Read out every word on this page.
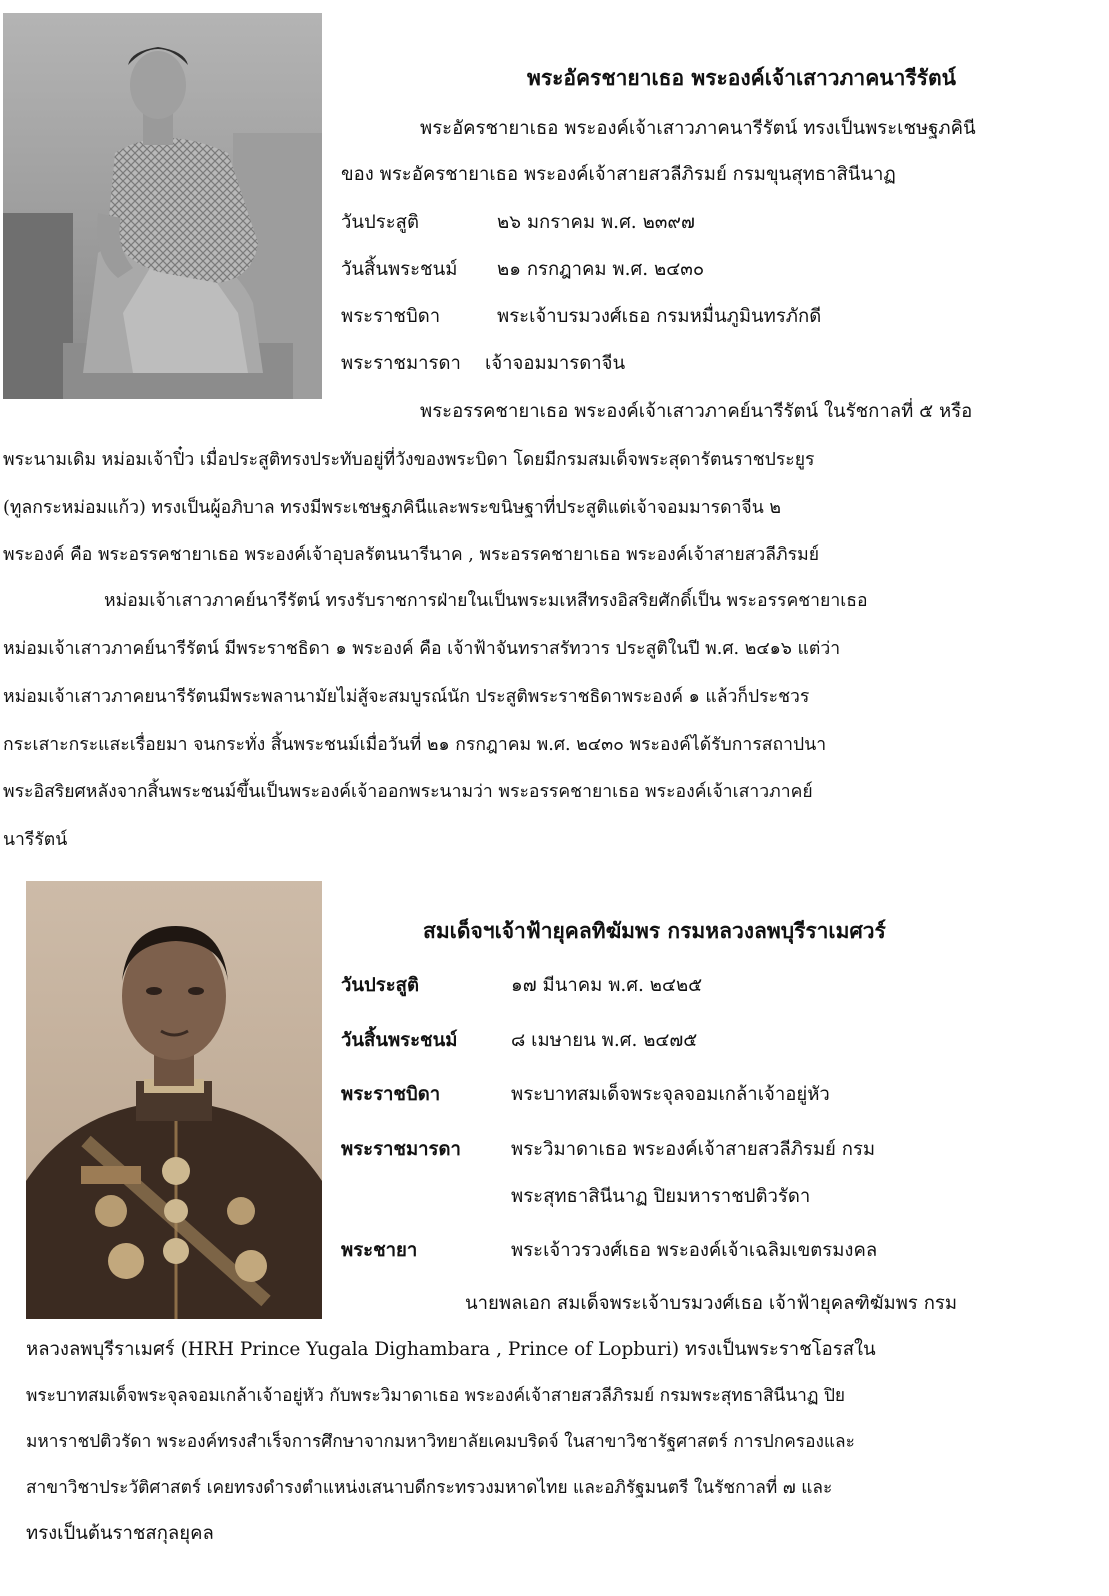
พระอัครชายาเธอ พระองค์เจ้าเสาวภาคนารีรัตน์
พระอัครชายาเธอ พระองค์เจ้าเสาวภาคนารีรัตน์ ทรงเป็นพระเชษฐภคินี
ของ พระอัครชายาเธอ พระองค์เจ้าสายสวลีภิรมย์ กรมขุนสุทธาสินีนาฏ
วันประสูติ	๒๖ มกราคม พ.ศ. ๒๓๙๗
วันสิ้นพระชนม์ ๒๑ กรกฎาคม พ.ศ. ๒๔๓๐
พระราชบิดา	พระเจ้าบรมวงศ์เธอ กรมหมื่นภูมินทรภักดี
พระราชมารดา เจ้าจอมมารดาจีน
พระอรรคชายาเธอ พระองค์เจ้าเสาวภาคย์นารีรัตน์ ในรัชกาลที่ ๕ หรือ
พระนามเดิม หม่อมเจ้าปิ๋ว เมื่อประสูติทรงประทับอยู่ที่วังของพระบิดา โดยมีกรมสมเด็จพระสุดารัตนราชประยูร
(ทูลกระหม่อมแก้ว) ทรงเป็นผู้อภิบาล ทรงมีพระเชษฐภคินีและพระขนิษฐาที่ประสูติแต่เจ้าจอมมารดาจีน ๒
พระองค์ คือ พระอรรคชายาเธอ พระองค์เจ้าอุบลรัตนนารีนาค , พระอรรคชายาเธอ พระองค์เจ้าสายสวลีภิรมย์
หม่อมเจ้าเสาวภาคย์นารีรัตน์ ทรงรับราชการฝ่ายในเป็นพระมเหสีทรงอิสริยศักดิ์เป็น พระอรรคชายาเธอ
หม่อมเจ้าเสาวภาคย์นารีรัตน์ มีพระราชธิดา ๑ พระองค์ คือ เจ้าฟ้าจันทราสรัทวาร ประสูติในปี พ.ศ. ๒๔๑๖ แต่ว่า
หม่อมเจ้าเสาวภาคยนารีรัตนมีพระพลานามัยไม่สู้จะสมบูรณ์นัก ประสูติพระราชธิดาพระองค์ ๑ แล้วก็ประชวร
กระเสาะกระแสะเรื่อยมา จนกระทั่ง สิ้นพระชนม์เมื่อวันที่ ๒๑ กรกฎาคม พ.ศ. ๒๔๓๐ พระองค์ได้รับการสถาปนา
พระอิสริยศหลังจากสิ้นพระชนม์ขึ้นเป็นพระองค์เจ้าออกพระนามว่า พระอรรคชายาเธอ พระองค์เจ้าเสาวภาคย์
นารีรัตน์
สมเด็จฯเจ้าฟ้ายุคลทิฆัมพร กรมหลวงลพบุรีราเมศวร์
วันประสูติ	๑๗ มีนาคม พ.ศ. ๒๔๒๕
วันสิ้นพระชนม์	๘ เมษายน พ.ศ. ๒๔๗๕
พระราชบิดา	พระบาทสมเด็จพระจุลจอมเกล้าเจ้าอยู่หัว
พระราชมารดา	พระวิมาดาเธอ พระองค์เจ้าสายสวลีภิรมย์ กรม
พระสุทธาสินีนาฏ ปิยมหาราชปติวรัดา
พระชายา	พระเจ้าวรวงศ์เธอ พระองค์เจ้าเฉลิมเขตรมงคล
นายพลเอก สมเด็จพระเจ้าบรมวงศ์เธอ เจ้าฟ้ายุคลฑิฆัมพร กรม
หลวงลพบุรีราเมศร์ (HRH Prince Yugala Dighambara , Prince of Lopburi) ทรงเป็นพระราชโอรสใน
พระบาทสมเด็จพระจุลจอมเกล้าเจ้าอยู่หัว กับพระวิมาดาเธอ พระองค์เจ้าสายสวลีภิรมย์ กรมพระสุทธาสินีนาฏ ปิย
มหาราชปติวรัดา พระองค์ทรงสำเร็จการศึกษาจากมหาวิทยาลัยเคมบริดจ์ ในสาขาวิชารัฐศาสตร์ การปกครองและ
สาขาวิชาประวัติศาสตร์ เคยทรงดำรงตำแหน่งเสนาบดีกระทรวงมหาดไทย และอภิรัฐมนตรี ในรัชกาลที่ ๗ และ
ทรงเป็นต้นราชสกุลยุคล
